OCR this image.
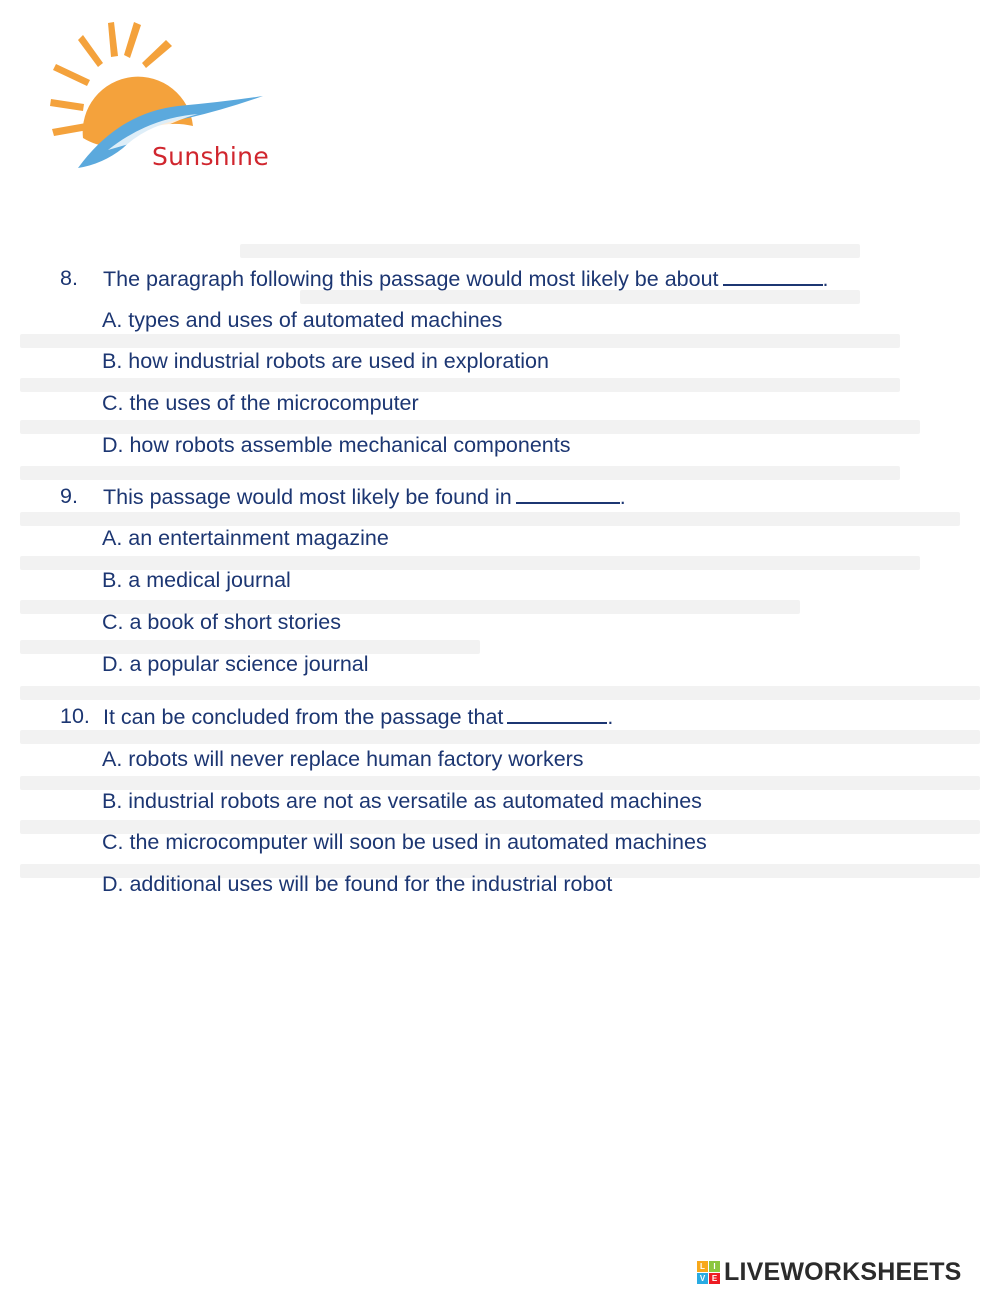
Sunshine
8. The paragraph following this passage would most likely be about	.
A. types and uses of automated machines
B. how industrial robots are used in exploration
C. the uses of the microcomputer
D. how robots assemble mechanical components
9. This passage would most likely be found in	.
A. an entertainment magazine
B. a medical journal
C. a book of short stories
D. a popular science journal
10. It can be concluded from the passage that	.
A. robots will never replace human factory workers
B. industrial robots are not as versatile as automated machines
C. the microcomputer will soon be used in automated machines
D. additional uses will be found for the industrial robot
L	I
V E LIVEWORKSHEETS
